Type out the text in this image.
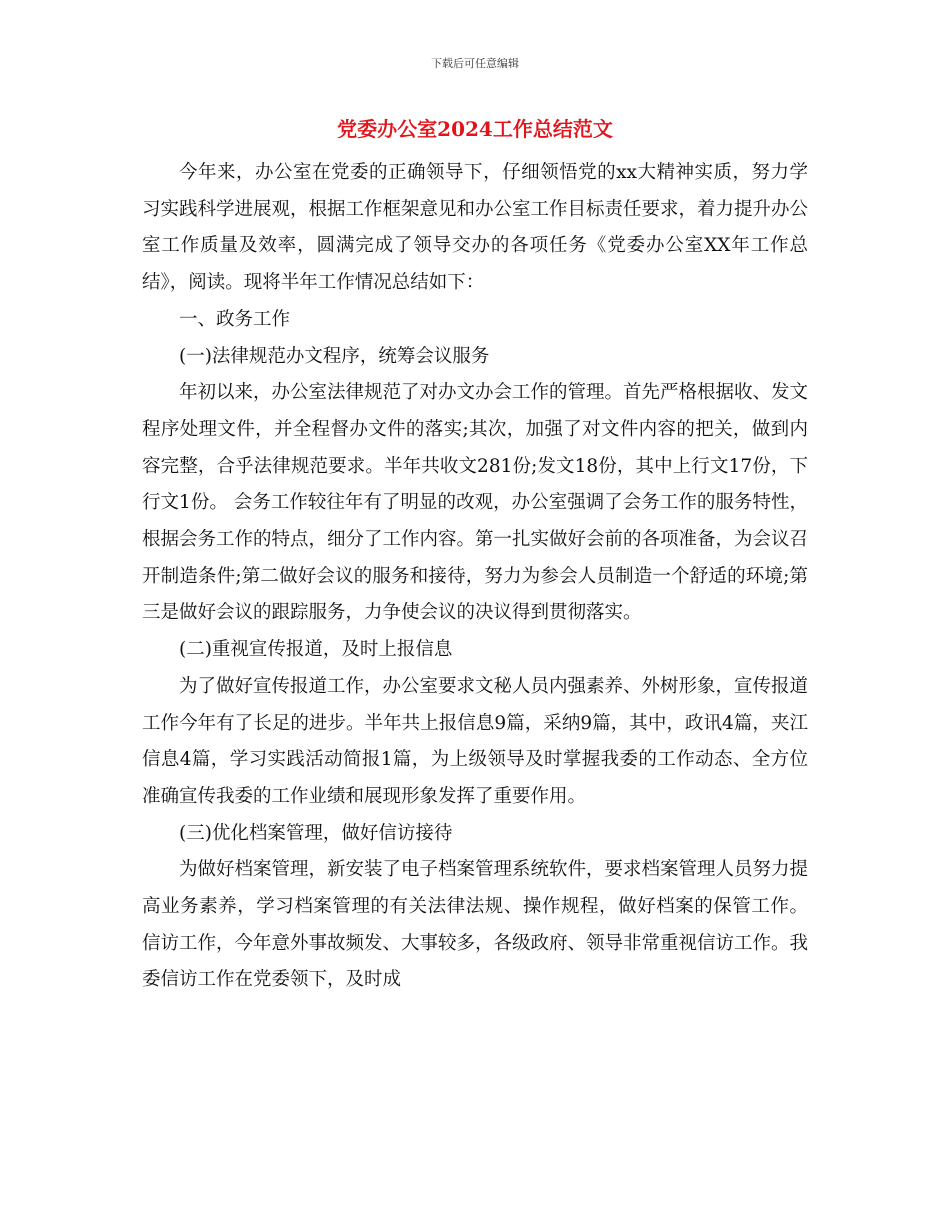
下载后可任意编辑
党委办公室2024工作总结范文

今年来，办公室在党委的正确领导下，仔细领悟党的xx大精神实质，努力学习实践科学进展观，根据工作框架意见和办公室工作目标责任要求，着力提升办公室工作质量及效率，圆满完成了领导交办的各项任务《党委办公室XX年工作总结》，阅读。现将半年工作情况总结如下：

一、政务工作

(一)法律规范办文程序，统筹会议服务

年初以来，办公室法律规范了对办文办会工作的管理。首先严格根据收、发文程序处理文件，并全程督办文件的落实;其次，加强了对文件内容的把关，做到内容完整，合乎法律规范要求。半年共收文281份;发文18份，其中上行文17份，下行文1份。 会务工作较往年有了明显的改观，办公室强调了会务工作的服务特性，根据会务工作的特点，细分了工作内容。第一扎实做好会前的各项准备，为会议召开制造条件;第二做好会议的服务和接待，努力为参会人员制造一个舒适的环境;第三是做好会议的跟踪服务，力争使会议的决议得到贯彻落实。

(二)重视宣传报道，及时上报信息

为了做好宣传报道工作，办公室要求文秘人员内强素养、外树形象，宣传报道工作今年有了长足的进步。半年共上报信息9篇，采纳9篇，其中，政讯4篇，夹江信息4篇，学习实践活动简报1篇，为上级领导及时掌握我委的工作动态、全方位准确宣传我委的工作业绩和展现形象发挥了重要作用。

(三)优化档案管理，做好信访接待

为做好档案管理，新安装了电子档案管理系统软件，要求档案管理人员努力提高业务素养，学习档案管理的有关法律法规、操作规程，做好档案的保管工作。 信访工作，今年意外事故频发、大事较多，各级政府、领导非常重视信访工作。我委信访工作在党委领下，及时成
